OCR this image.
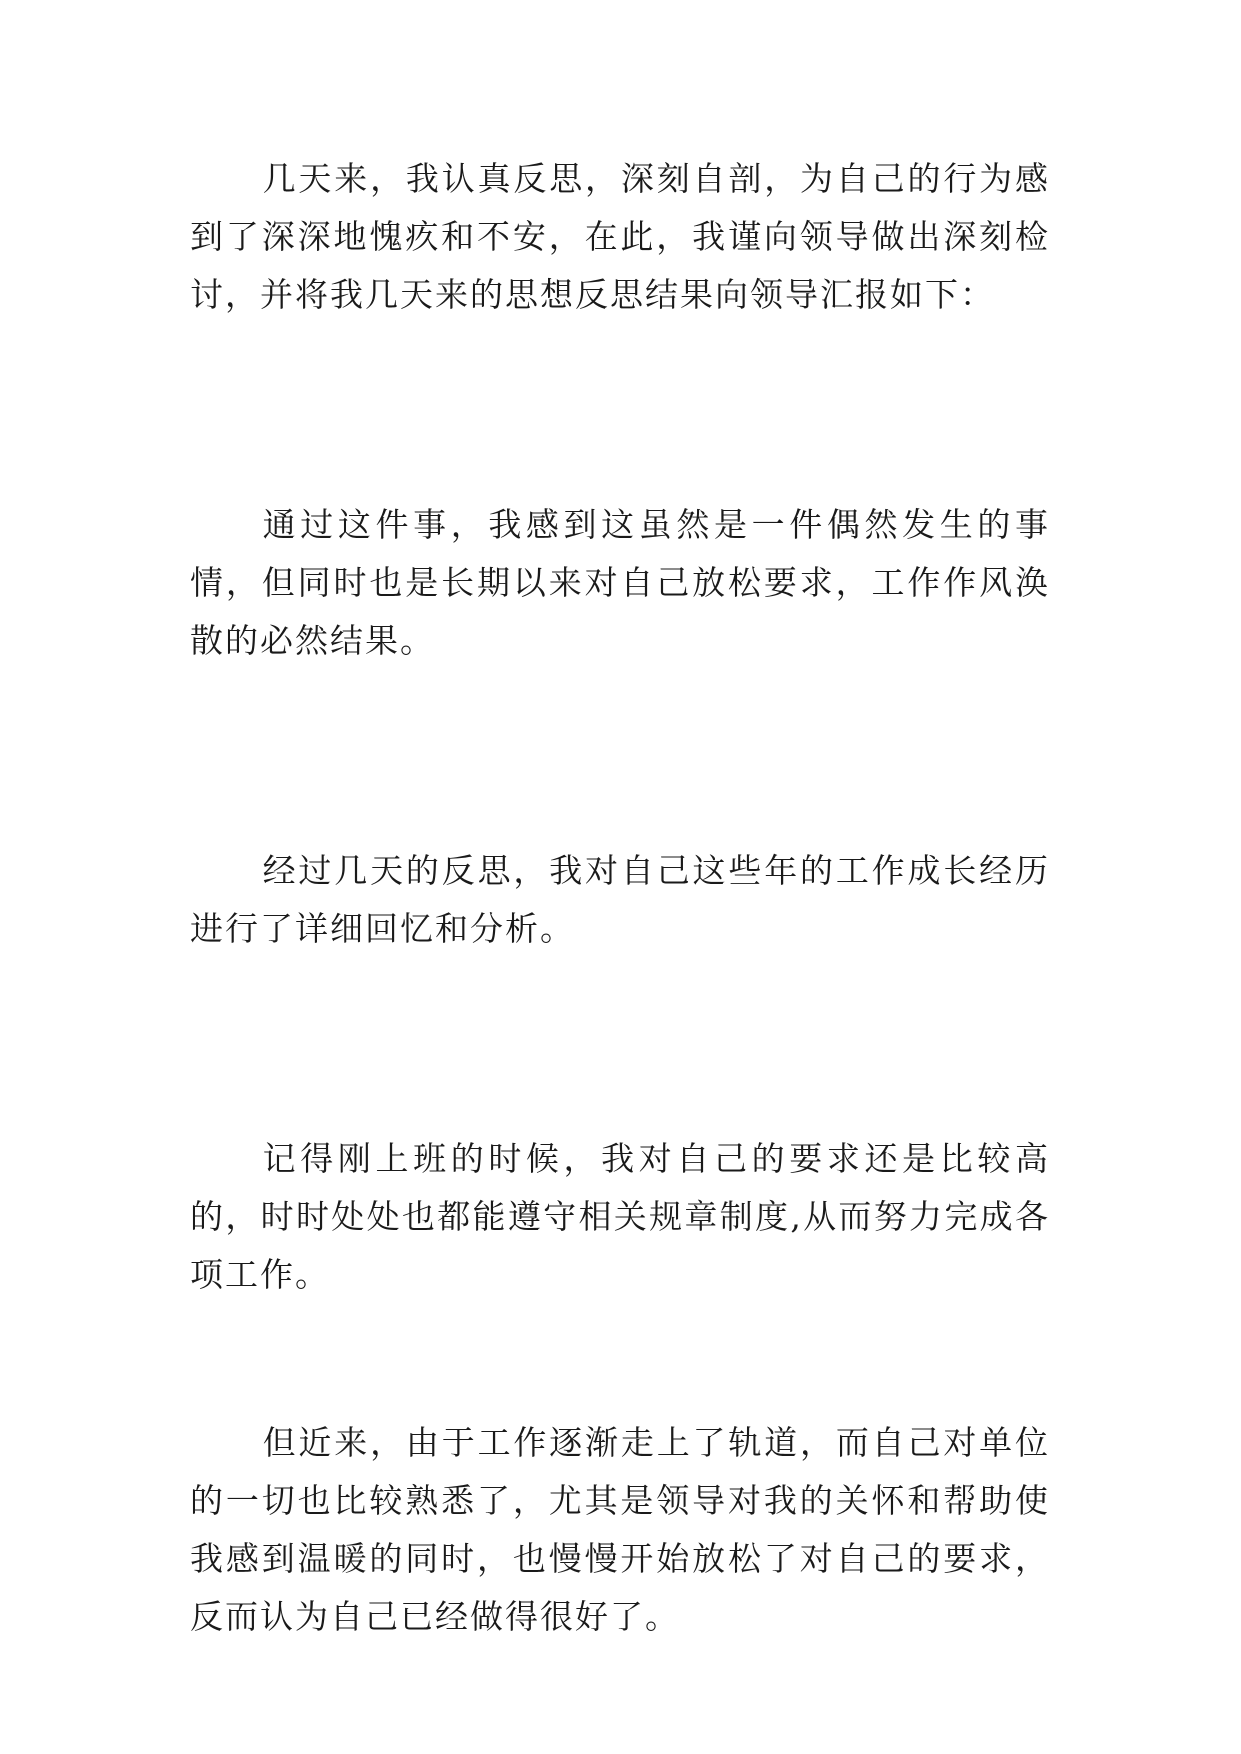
几天来，我认真反思，深刻自剖，为自己的行为感到了深深地愧疚和不安，在此，我谨向领导做出深刻检讨，并将我几天来的思想反思结果向领导汇报如下：

通过这件事，我感到这虽然是一件偶然发生的事情，但同时也是长期以来对自己放松要求，工作作风涣散的必然结果。

经过几天的反思，我对自己这些年的工作成长经历进行了详细回忆和分析。

记得刚上班的时候，我对自己的要求还是比较高的，时时处处也都能遵守相关规章制度,从而努力完成各项工作。

但近来，由于工作逐渐走上了轨道，而自己对单位的一切也比较熟悉了，尤其是领导对我的关怀和帮助使我感到温暖的同时，也慢慢开始放松了对自己的要求，反而认为自己已经做得很好了。
